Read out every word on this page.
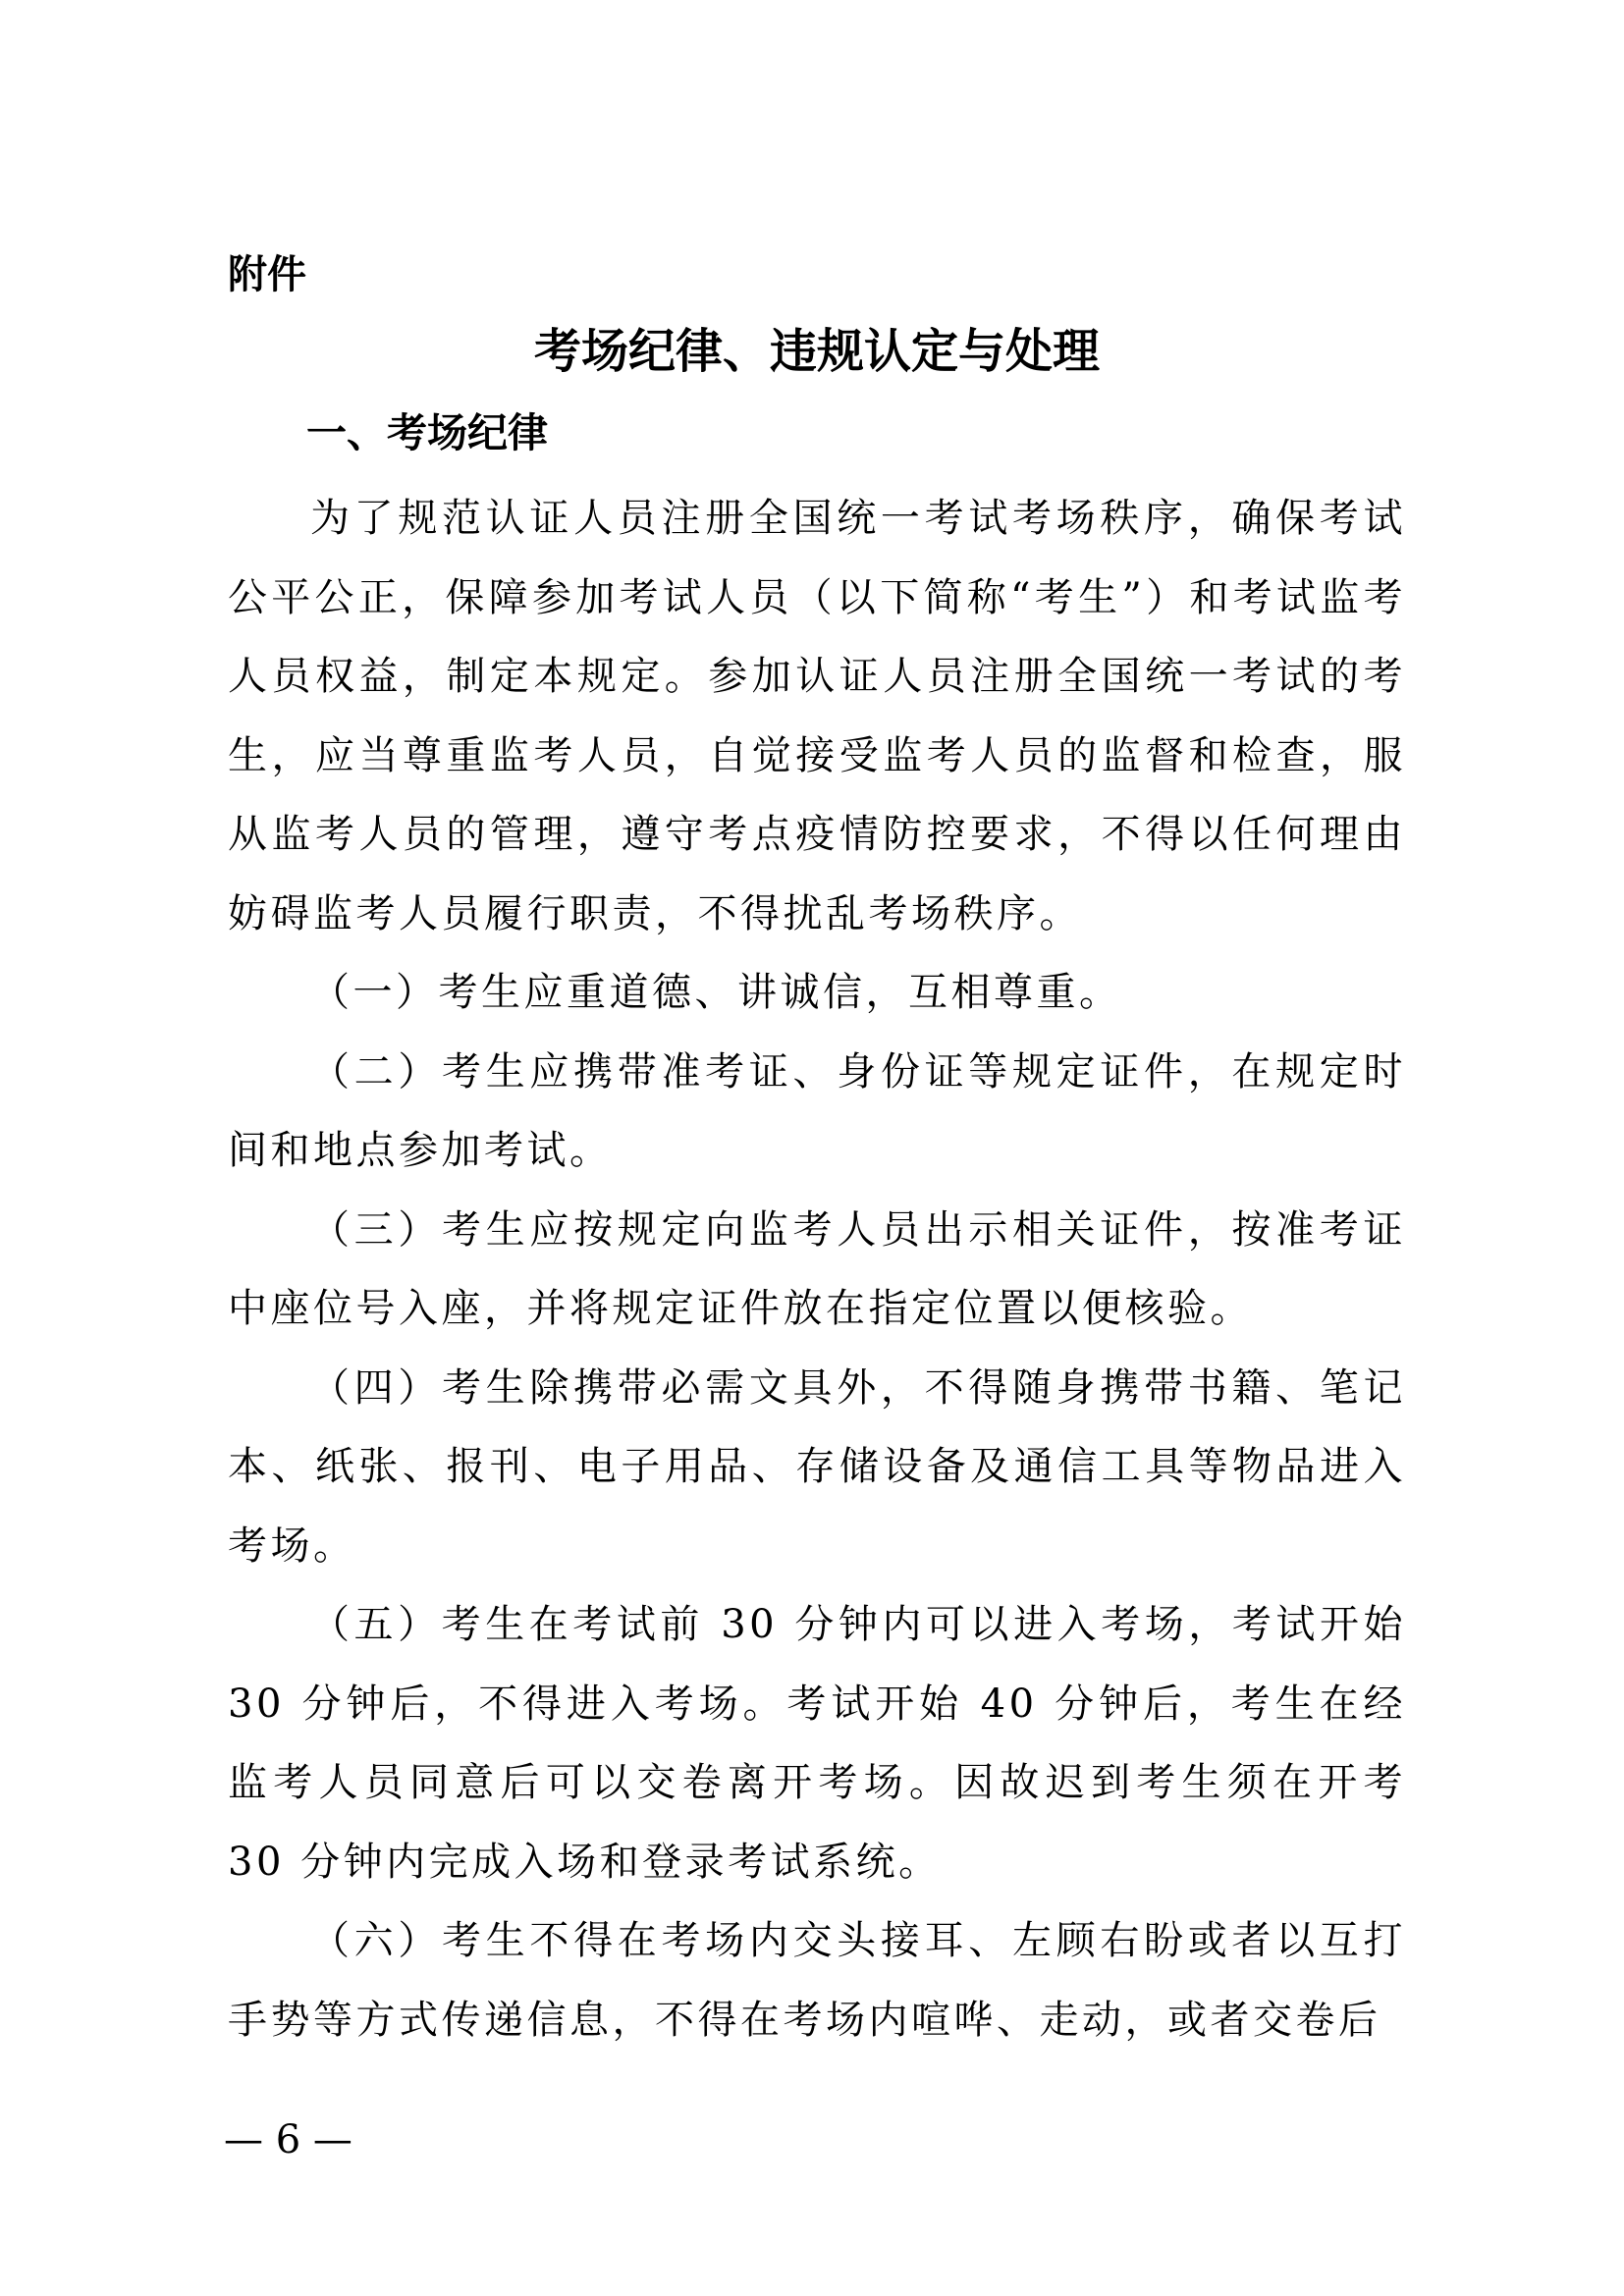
附件
考场纪律、违规认定与处理
一、考场纪律

为了规范认证人员注册全国统一考试考场秩序，确保考试公平公正，保障参加考试人员（以下简称“考生”）和考试监考人员权益，制定本规定。参加认证人员注册全国统一考试的考生，应当尊重监考人员，自觉接受监考人员的监督和检查，服从监考人员的管理，遵守考点疫情防控要求，不得以任何理由妨碍监考人员履行职责，不得扰乱考场秩序。

（一）考生应重道德、讲诚信，互相尊重。

（二）考生应携带准考证、身份证等规定证件，在规定时间和地点参加考试。

（三）考生应按规定向监考人员出示相关证件，按准考证中座位号入座，并将规定证件放在指定位置以便核验。

（四）考生除携带必需文具外，不得随身携带书籍、笔记本、纸张、报刊、电子用品、存储设备及通信工具等物品进入考场。

（五）考生在考试前 30 分钟内可以进入考场，考试开始 30 分钟后，不得进入考场。考试开始 40 分钟后，考生在经监考人员同意后可以交卷离开考场。因故迟到考生须在开考 30 分钟内完成入场和登录考试系统。

（六）考生不得在考场内交头接耳、左顾右盼或者以互打手势等方式传递信息，不得在考场内喧哗、走动，或者交卷后

— 6 —
